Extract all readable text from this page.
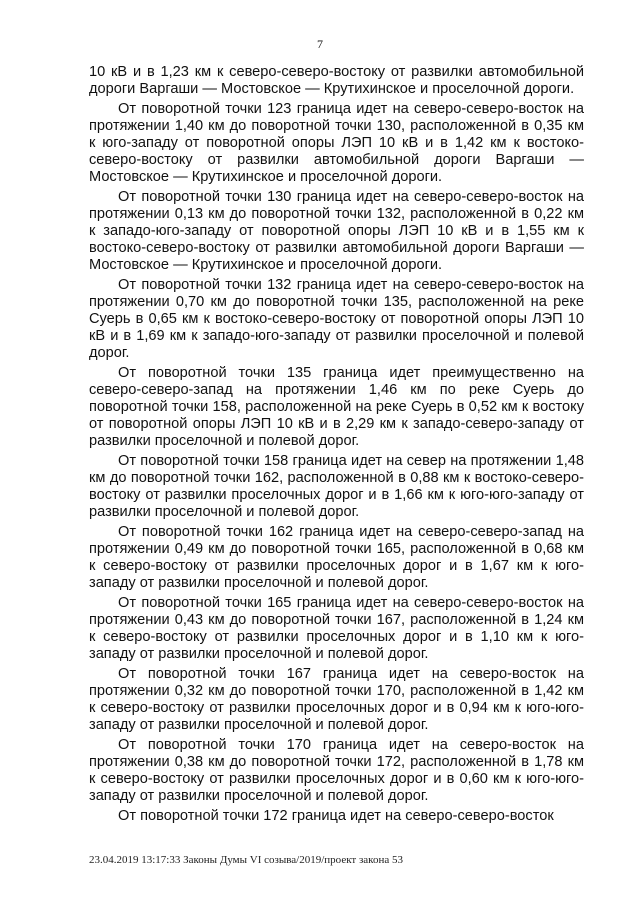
7

10 кВ и в 1,23 км к северо-северо-востоку от развилки автомобильной дороги Варгаши — Мостовское — Крутихинское и проселочной дороги.

От поворотной точки 123 граница идет на северо-северо-восток на протяжении 1,40 км до поворотной точки 130, расположенной в 0,35 км к юго-западу от поворотной опоры ЛЭП 10 кВ и в 1,42 км к востоко-северо-востоку от развилки автомобильной дороги Варгаши — Мостовское — Крутихинское и проселочной дороги.

От поворотной точки 130 граница идет на северо-северо-восток на протяжении 0,13 км до поворотной точки 132, расположенной в 0,22 км к западо-юго-западу от поворотной опоры ЛЭП 10 кВ и в 1,55 км к востоко-северо-востоку от развилки автомобильной дороги Варгаши — Мостовское — Крутихинское и проселочной дороги.

От поворотной точки 132 граница идет на северо-северо-восток на протяжении 0,70 км до поворотной точки 135, расположенной на реке Суерь в 0,65 км к востоко-северо-востоку от поворотной опоры ЛЭП 10 кВ и в 1,69 км к западо-юго-западу от развилки проселочной и полевой дорог.

От поворотной точки 135 граница идет преимущественно на северо-северо-запад на протяжении 1,46 км по реке Суерь до поворотной точки 158, расположенной на реке Суерь в 0,52 км к востоку от поворотной опоры ЛЭП 10 кВ и в 2,29 км к западо-северо-западу от развилки проселочной и полевой дорог.

От поворотной точки 158 граница идет на север на протяжении 1,48 км до поворотной точки 162, расположенной в 0,88 км к востоко-северо-востоку от развилки проселочных дорог и в 1,66 км к юго-юго-западу от развилки проселочной и полевой дорог.

От поворотной точки 162 граница идет на северо-северо-запад на протяжении 0,49 км до поворотной точки 165, расположенной в 0,68 км к северо-востоку от развилки проселочных дорог и в 1,67 км к юго-западу от развилки проселочной и полевой дорог.

От поворотной точки 165 граница идет на северо-северо-восток на протяжении 0,43 км до поворотной точки 167, расположенной в 1,24 км к северо-востоку от развилки проселочных дорог и в 1,10 км к юго-западу от развилки проселочной и полевой дорог.

От поворотной точки 167 граница идет на северо-восток на протяжении 0,32 км до поворотной точки 170, расположенной в 1,42 км к северо-востоку от развилки проселочных дорог и в 0,94 км к юго-юго-западу от развилки проселочной и полевой дорог.

От поворотной точки 170 граница идет на северо-восток на протяжении 0,38 км до поворотной точки 172, расположенной в 1,78 км к северо-востоку от развилки проселочных дорог и в 0,60 км к юго-юго-западу от развилки проселочной и полевой дорог.

От поворотной точки 172 граница идет на северо-северо-восток

23.04.2019 13:17:33 Законы Думы VI созыва/2019/проект закона 53
